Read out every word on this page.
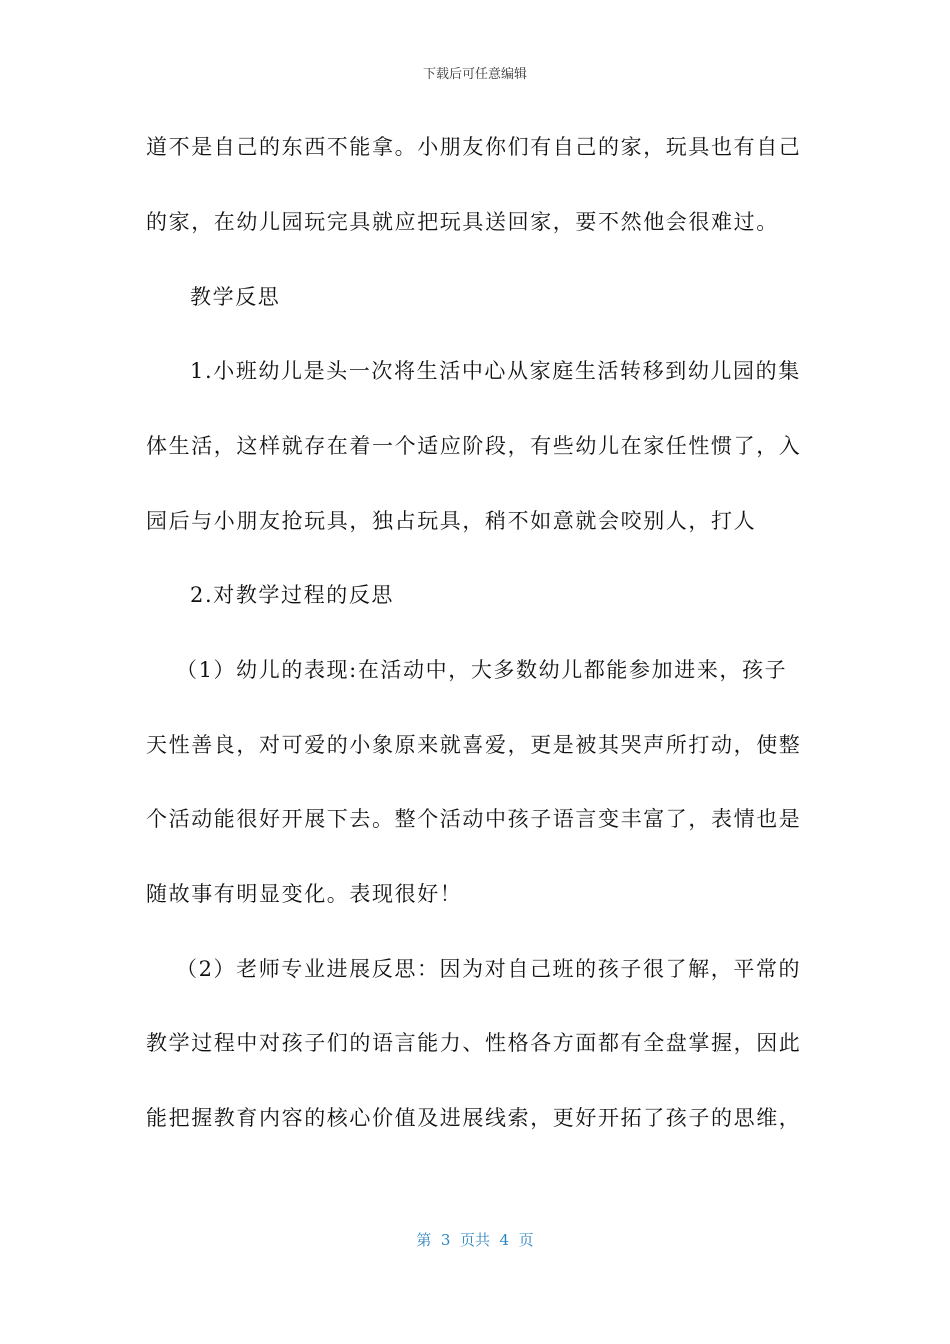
下载后可任意编辑
道不是自己的东西不能拿。小朋友你们有自己的家，玩具也有自己
的家，在幼儿园玩完具就应把玩具送回家，要不然他会很难过。
教学反思
1.小班幼儿是头一次将生活中心从家庭生活转移到幼儿园的集
体生活，这样就存在着一个适应阶段，有些幼儿在家任性惯了，入
园后与小朋友抢玩具，独占玩具，稍不如意就会咬别人，打人
2.对教学过程的反思
（1）幼儿的表现:在活动中，大多数幼儿都能参加进来，孩子
天性善良，对可爱的小象原来就喜爱，更是被其哭声所打动，使整
个活动能很好开展下去。整个活动中孩子语言变丰富了，表情也是
随故事有明显变化。表现很好！
（2）老师专业进展反思：因为对自己班的孩子很了解，平常的
教学过程中对孩子们的语言能力、性格各方面都有全盘掌握，因此
能把握教育内容的核心价值及进展线索，更好开拓了孩子的思维，
第  3  页共  4  页
